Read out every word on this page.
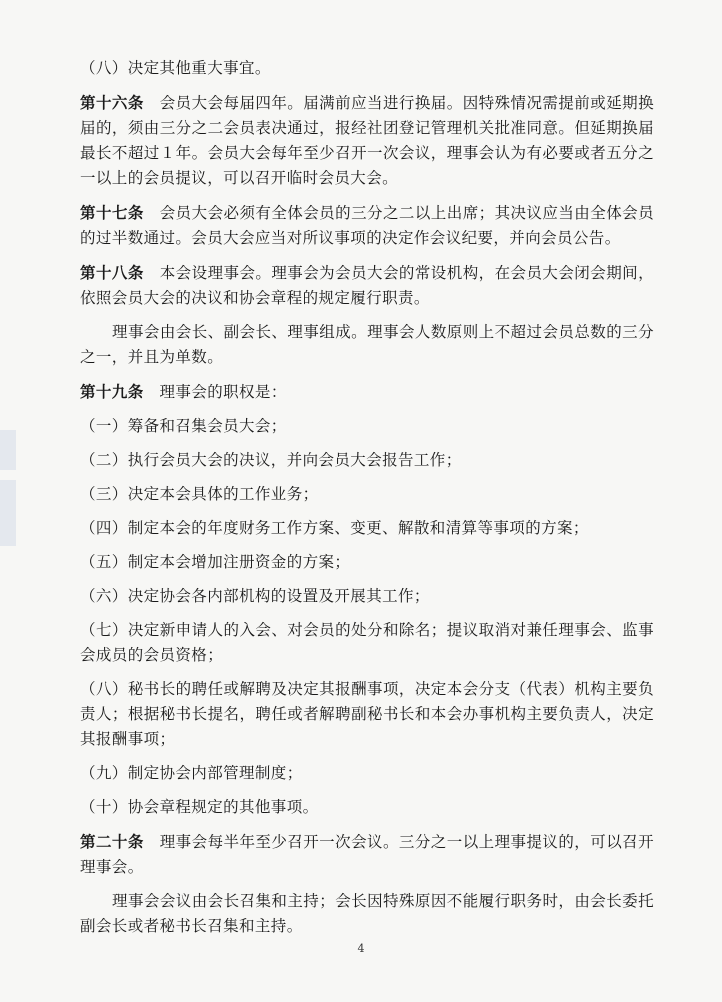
（八）决定其他重大事宜。

第十六条　 会员大会每届四年。届满前应当进行换届。因特殊情况需提前或延期换届的，须由三分之二会员表决通过，报经社团登记管理机关批准同意。但延期换届最长不超过１年。会员大会每年至少召开一次会议，理事会认为有必要或者五分之一以上的会员提议，可以召开临时会员大会。

第十七条　 会员大会必须有全体会员的三分之二以上出席；其决议应当由全体会员的过半数通过。会员大会应当对所议事项的决定作会议纪要，并向会员公告。

第十八条　 本会设理事会。理事会为会员大会的常设机构，在会员大会闭会期间，依照会员大会的决议和协会章程的规定履行职责。

理事会由会长、副会长、理事组成。理事会人数原则上不超过会员总数的三分之一，并且为单数。

第十九条　 理事会的职权是：

（一）筹备和召集会员大会；

（二）执行会员大会的决议，并向会员大会报告工作；

（三）决定本会具体的工作业务；

（四）制定本会的年度财务工作方案、变更、解散和清算等事项的方案；

（五）制定本会增加注册资金的方案；

（六）决定协会各内部机构的设置及开展其工作；

（七）决定新申请人的入会、对会员的处分和除名；提议取消对兼任理事会、监事会成员的会员资格；

（八）秘书长的聘任或解聘及决定其报酬事项，决定本会分支（代表）机构主要负责人；根据秘书长提名，聘任或者解聘副秘书长和本会办事机构主要负责人，决定其报酬事项；

（九）制定协会内部管理制度；

（十）协会章程规定的其他事项。

第二十条　 理事会每半年至少召开一次会议。三分之一以上理事提议的，可以召开理事会。

理事会会议由会长召集和主持；会长因特殊原因不能履行职务时，由会长委托副会长或者秘书长召集和主持。

4
